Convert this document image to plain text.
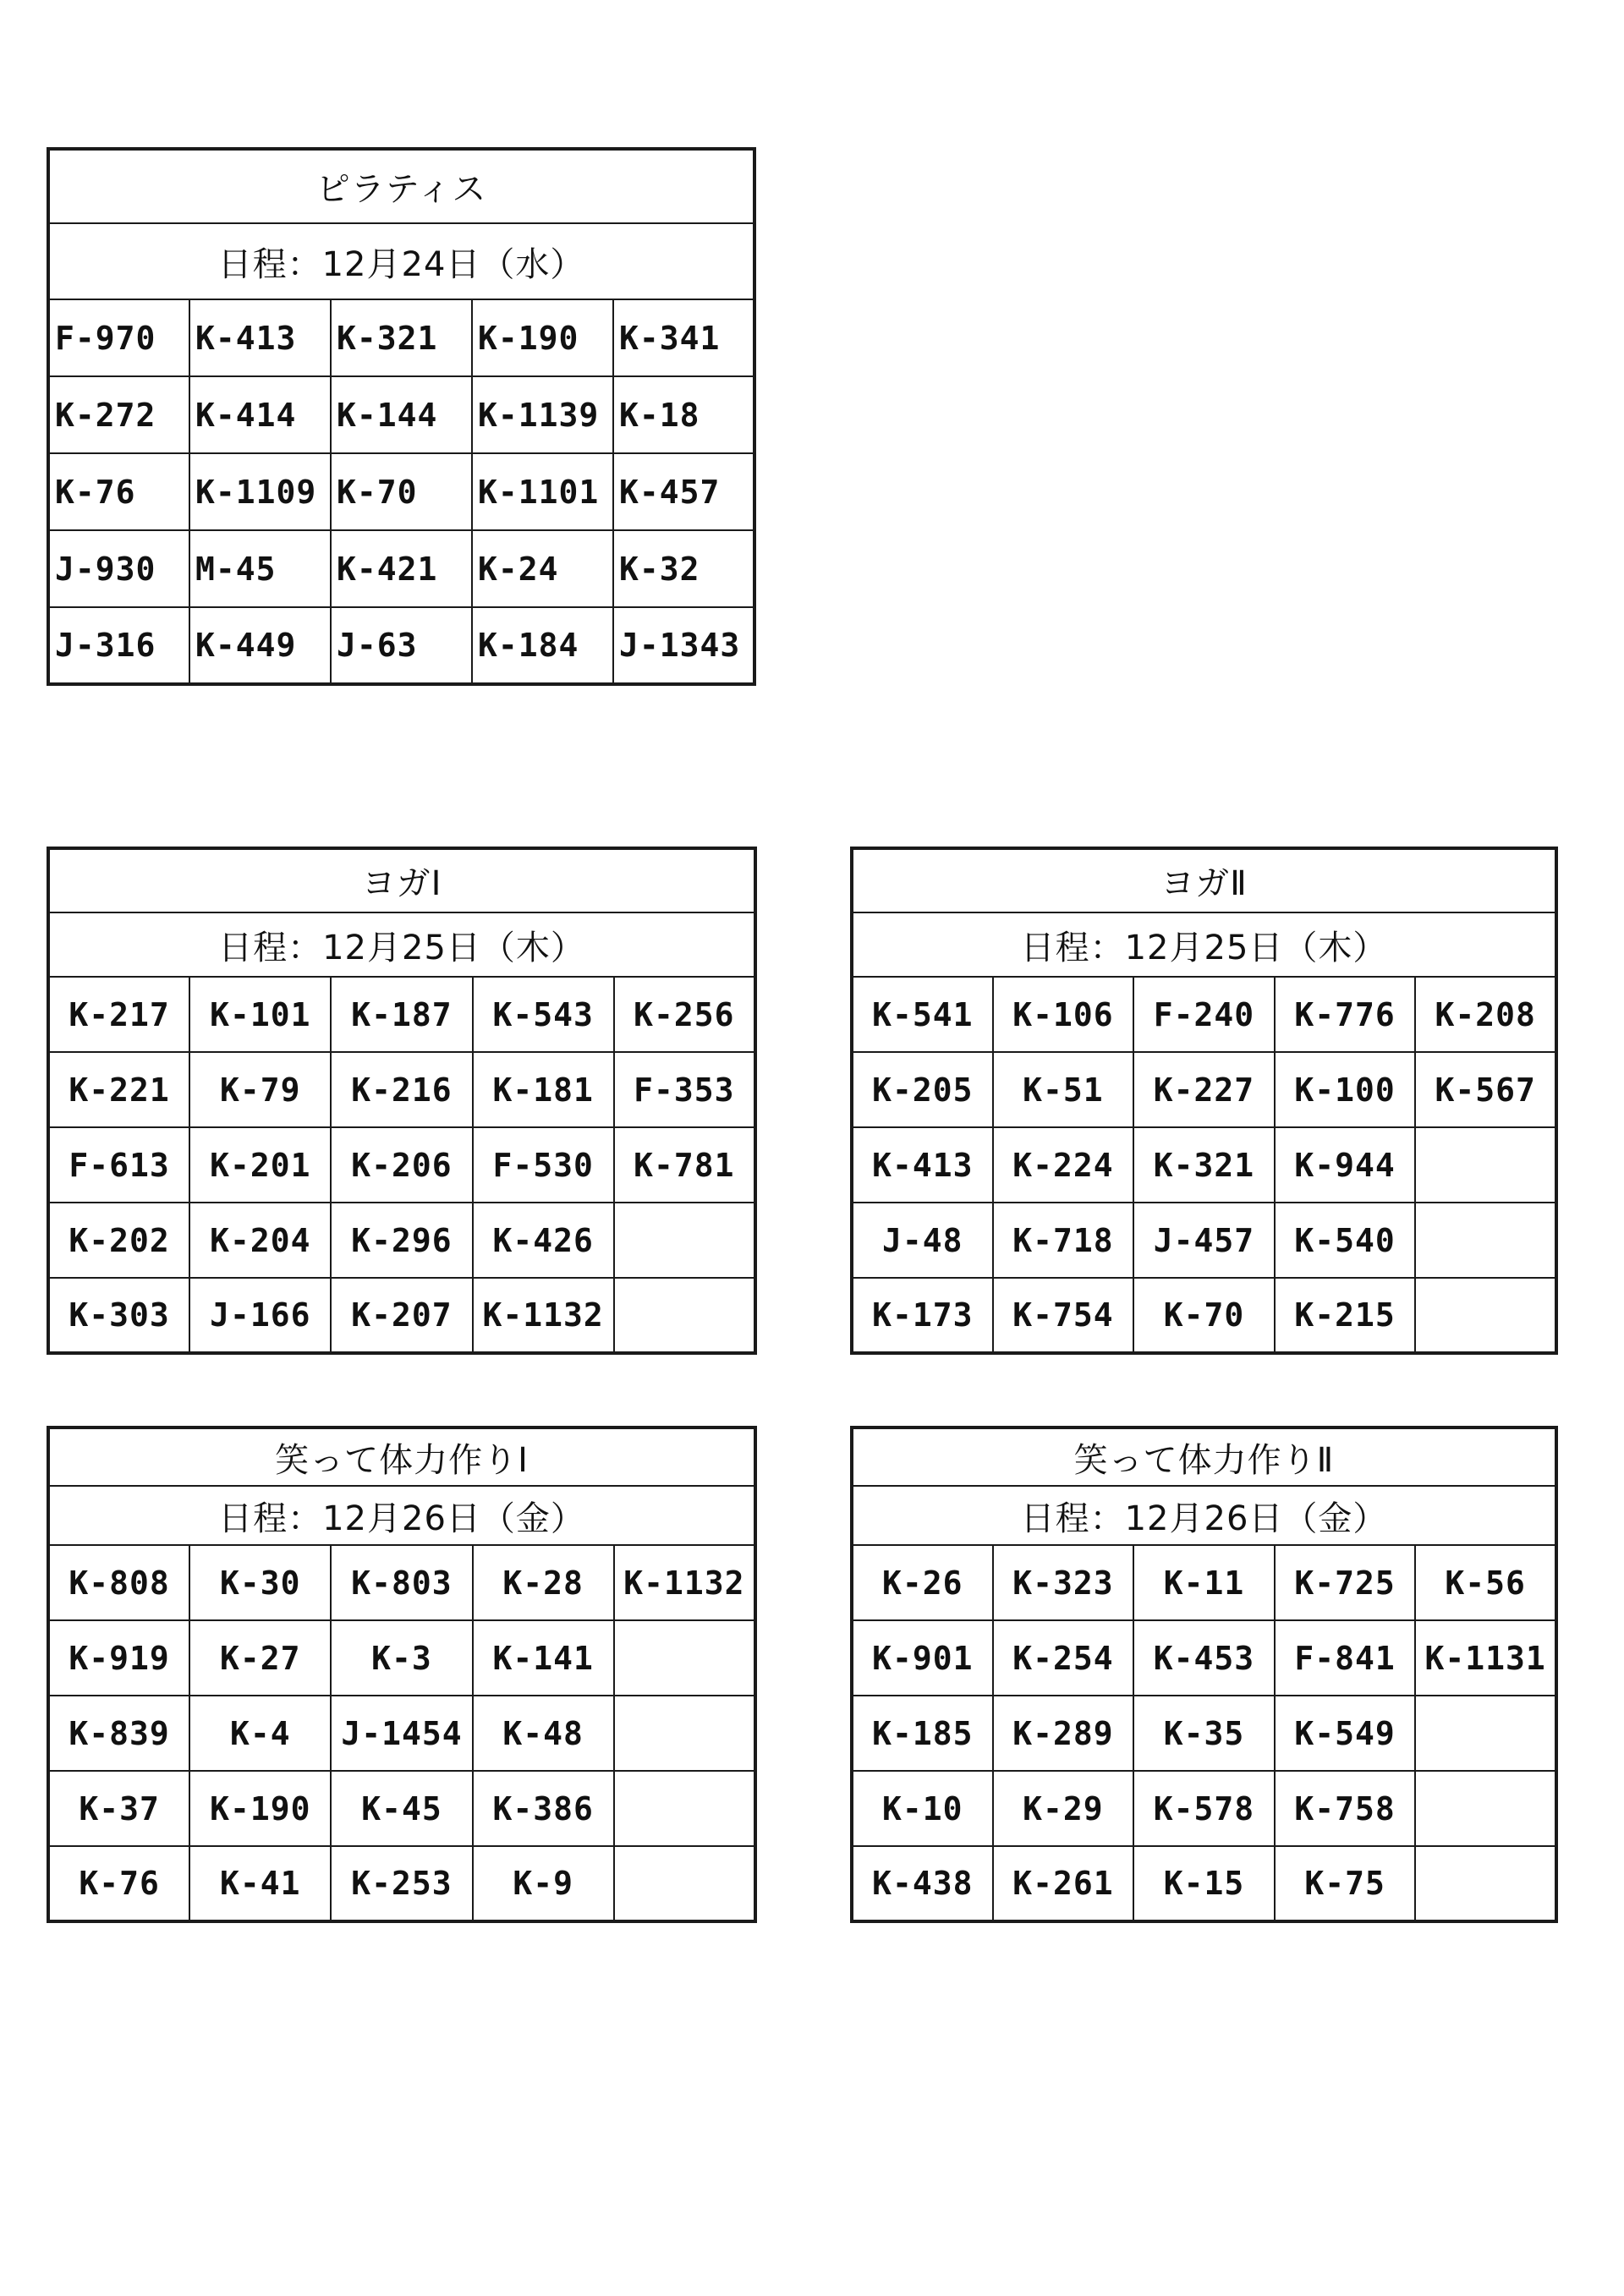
ピラティス				
日程：12月24日（水）				
F-970	K-413	K-321	K-190	K-341
K-272	K-414	K-144	K-1139	K-18
K-76	K-1109	K-70	K-1101	K-457
J-930	M-45	K-421	K-24	K-32
J-316	K-449	J-63	K-184	J-1343
ヨガⅠ				
日程：12月25日（木）				
K-217	K-101	K-187	K-543	K-256
K-221	K-79	K-216	K-181	F-353
F-613	K-201	K-206	F-530	K-781
K-202	K-204	K-296	K-426	
K-303	J-166	K-207	K-1132	
ヨガⅡ				
日程：12月25日（木）				
K-541	K-106	F-240	K-776	K-208
K-205	K-51	K-227	K-100	K-567
K-413	K-224	K-321	K-944	
J-48	K-718	J-457	K-540	
K-173	K-754	K-70	K-215	
笑って体力作りⅠ				
日程：12月26日（金）				
K-808	K-30	K-803	K-28	K-1132
K-919	K-27	K-3	K-141	
K-839	K-4	J-1454	K-48	
K-37	K-190	K-45	K-386	
K-76	K-41	K-253	K-9	
笑って体力作りⅡ				
日程：12月26日（金）				
K-26	K-323	K-11	K-725	K-56
K-901	K-254	K-453	F-841	K-1131
K-185	K-289	K-35	K-549	
K-10	K-29	K-578	K-758	
K-438	K-261	K-15	K-75	
